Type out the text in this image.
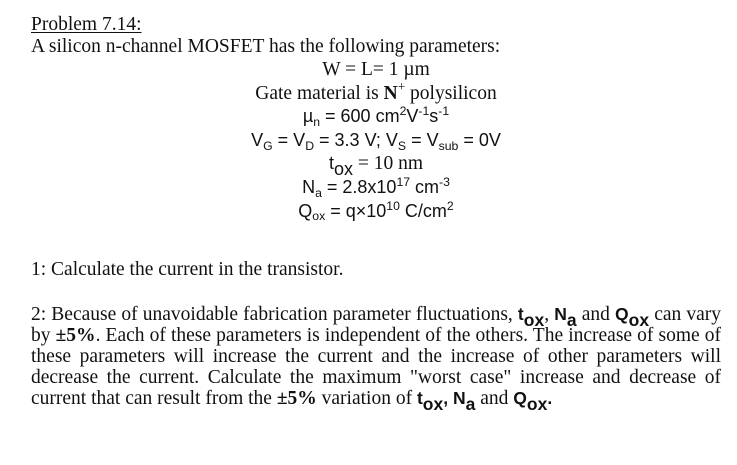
Problem 7.14:
A silicon n-channel MOSFET has the following parameters:
W = L= 1 µm
Gate material is N+ polysilicon
µ$_n$ = 600 $cm^2V^{-1}s^{-1}$
$V_G = V_D = 3.3$ V; $V_S = V_{sub} = 0V$
$t_{ox} = 10$ nm
$N_a = 2.8x10^{17}$ $cm^{-3}$
$Q_{ox} = q\times 10^{10}$ $C/cm^2$
1: Calculate the current in the transistor.
2: Because of unavoidable fabrication parameter fluctuations, $t_{ox}$, $N_a$ and $Q_{ox}$ can vary by ±5%. Each of these parameters is independent of the others. The increase of some of these parameters will increase the current and the increase of other parameters will decrease the current. Calculate the maximum "worst case" increase and decrease of current that can result from the ±5% variation of $t_{ox}$, $N_a$ and $Q_{ox}$.
